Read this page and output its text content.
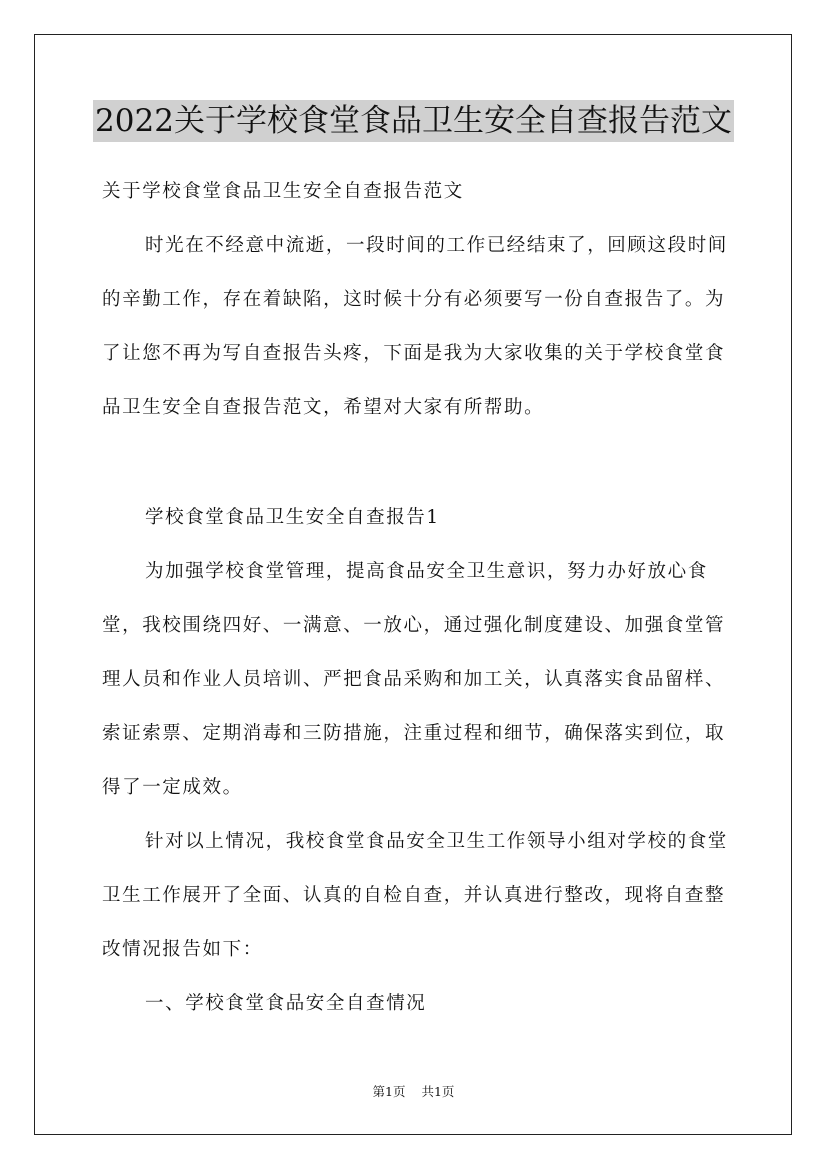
2022关于学校食堂食品卫生安全自查报告范文

关于学校食堂食品卫生安全自查报告范文

时光在不经意中流逝，一段时间的工作已经结束了，回顾这段时间的辛勤工作，存在着缺陷，这时候十分有必须要写一份自查报告了。为了让您不再为写自查报告头疼，下面是我为大家收集的关于学校食堂食品卫生安全自查报告范文，希望对大家有所帮助。

学校食堂食品卫生安全自查报告1

为加强学校食堂管理，提高食品安全卫生意识，努力办好放心食堂，我校围绕四好、一满意、一放心，通过强化制度建设、加强食堂管理人员和作业人员培训、严把食品采购和加工关，认真落实食品留样、索证索票、定期消毒和三防措施，注重过程和细节，确保落实到位，取得了一定成效。

针对以上情况，我校食堂食品安全卫生工作领导小组对学校的食堂卫生工作展开了全面、认真的自检自查，并认真进行整改，现将自查整改情况报告如下：

一、学校食堂食品安全自查情况

第1页 共1页
